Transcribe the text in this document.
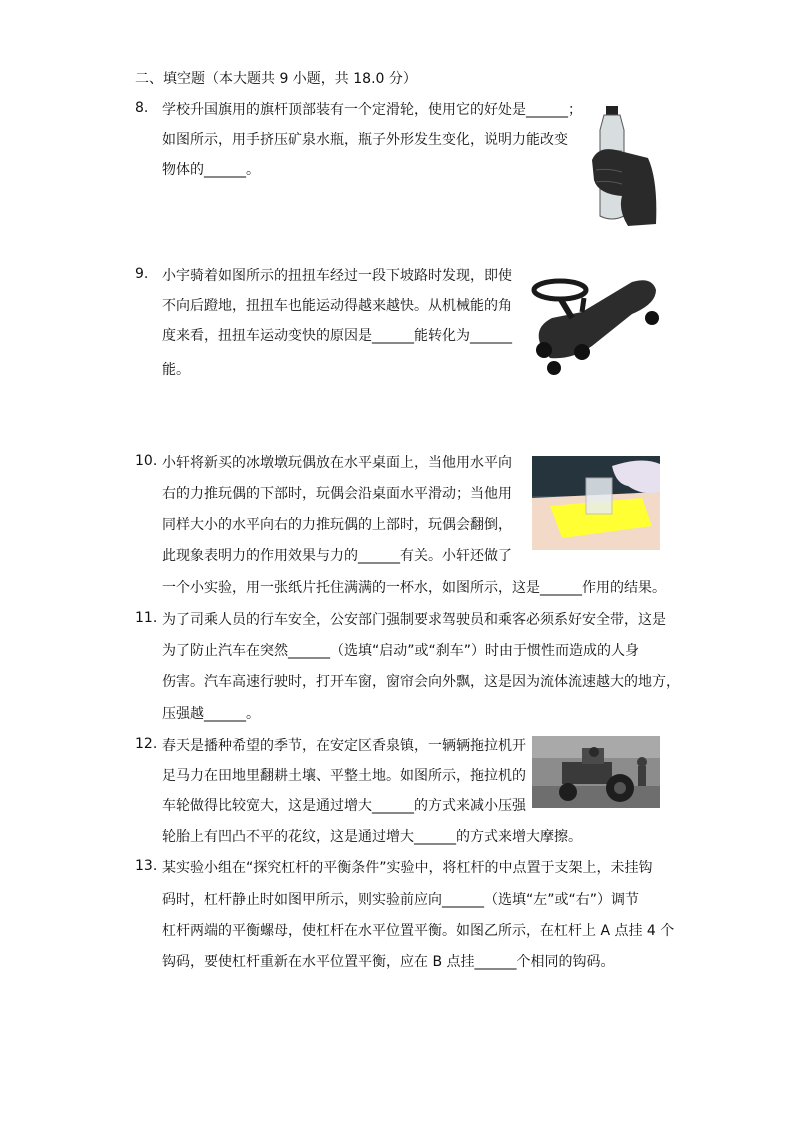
二、填空题（本大题共 9 小题，共 18.0 分）
8. 学校升国旗用的旗杆顶部装有一个定滑轮，使用它的好处是______；
如图所示，用手挤压矿泉水瓶，瓶子外形发生变化，说明力能改变
物体的______。
9. 小宇骑着如图所示的扭扭车经过一段下坡路时发现，即使
不向后蹬地，扭扭车也能运动得越来越快。从机械能的角
度来看，扭扭车运动变快的原因是______能转化为______
能。
10. 小轩将新买的冰墩墩玩偶放在水平桌面上，当他用水平向
右的力推玩偶的下部时，玩偶会沿桌面水平滑动；当他用
同样大小的水平向右的力推玩偶的上部时，玩偶会翻倒，
此现象表明力的作用效果与力的______有关。小轩还做了
一个小实验，用一张纸片托住满满的一杯水，如图所示，这是______作用的结果。
11. 为了司乘人员的行车安全，公安部门强制要求驾驶员和乘客必须系好安全带，这是
为了防止汽车在突然______（选填“启动”或“刹车”）时由于惯性而造成的人身
伤害。汽车高速行驶时，打开车窗，窗帘会向外飘，这是因为流体流速越大的地方，
压强越______。
12. 春天是播种希望的季节，在安定区香泉镇，一辆辆拖拉机开
足马力在田地里翻耕土壤、平整土地。如图所示，拖拉机的
车轮做得比较宽大，这是通过增大______的方式来减小压强
轮胎上有凹凸不平的花纹，这是通过增大______的方式来增大摩擦。
13. 某实验小组在“探究杠杆的平衡条件”实验中，将杠杆的中点置于支架上，未挂钩
码时，杠杆静止时如图甲所示，则实验前应向______（选填“左”或“右”）调节
杠杆两端的平衡螺母，使杠杆在水平位置平衡。如图乙所示，在杠杆上 A 点挂 4 个
钩码，要使杠杆重新在水平位置平衡，应在 B 点挂______个相同的钩码。
